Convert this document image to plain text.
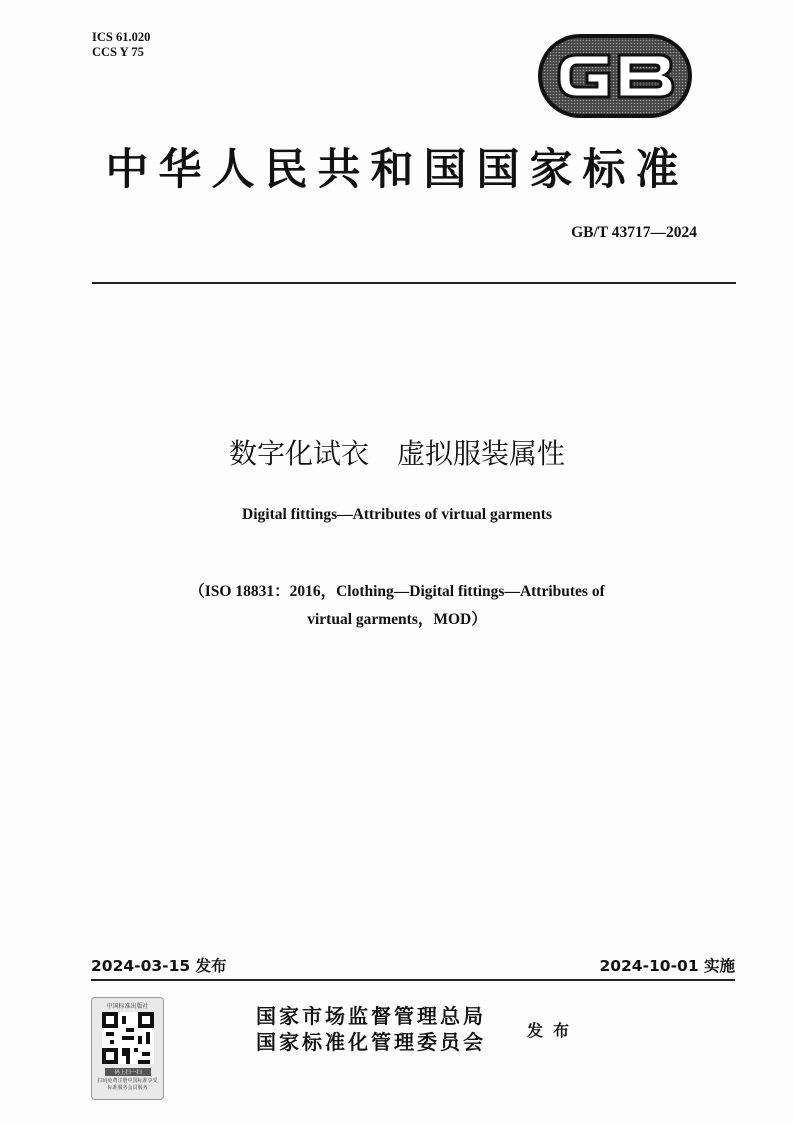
ICS 61.020
CCS Y 75
中华人民共和国国家标准
GB/T 43717—2024
数字化试衣 虚拟服装属性
Digital fittings—Attributes of virtual garments
（ISO 18831：2016，Clothing—Digital fittings—Attributes of
virtual garments，MOD）
2024-03-15 发布	2024-10-01 实施
中国标准出版社
码上扫一扫
扫码免费注册中国标准享受标准服务会员服务
国家市场监督管理总局
国家标准化管理委员会	发布
